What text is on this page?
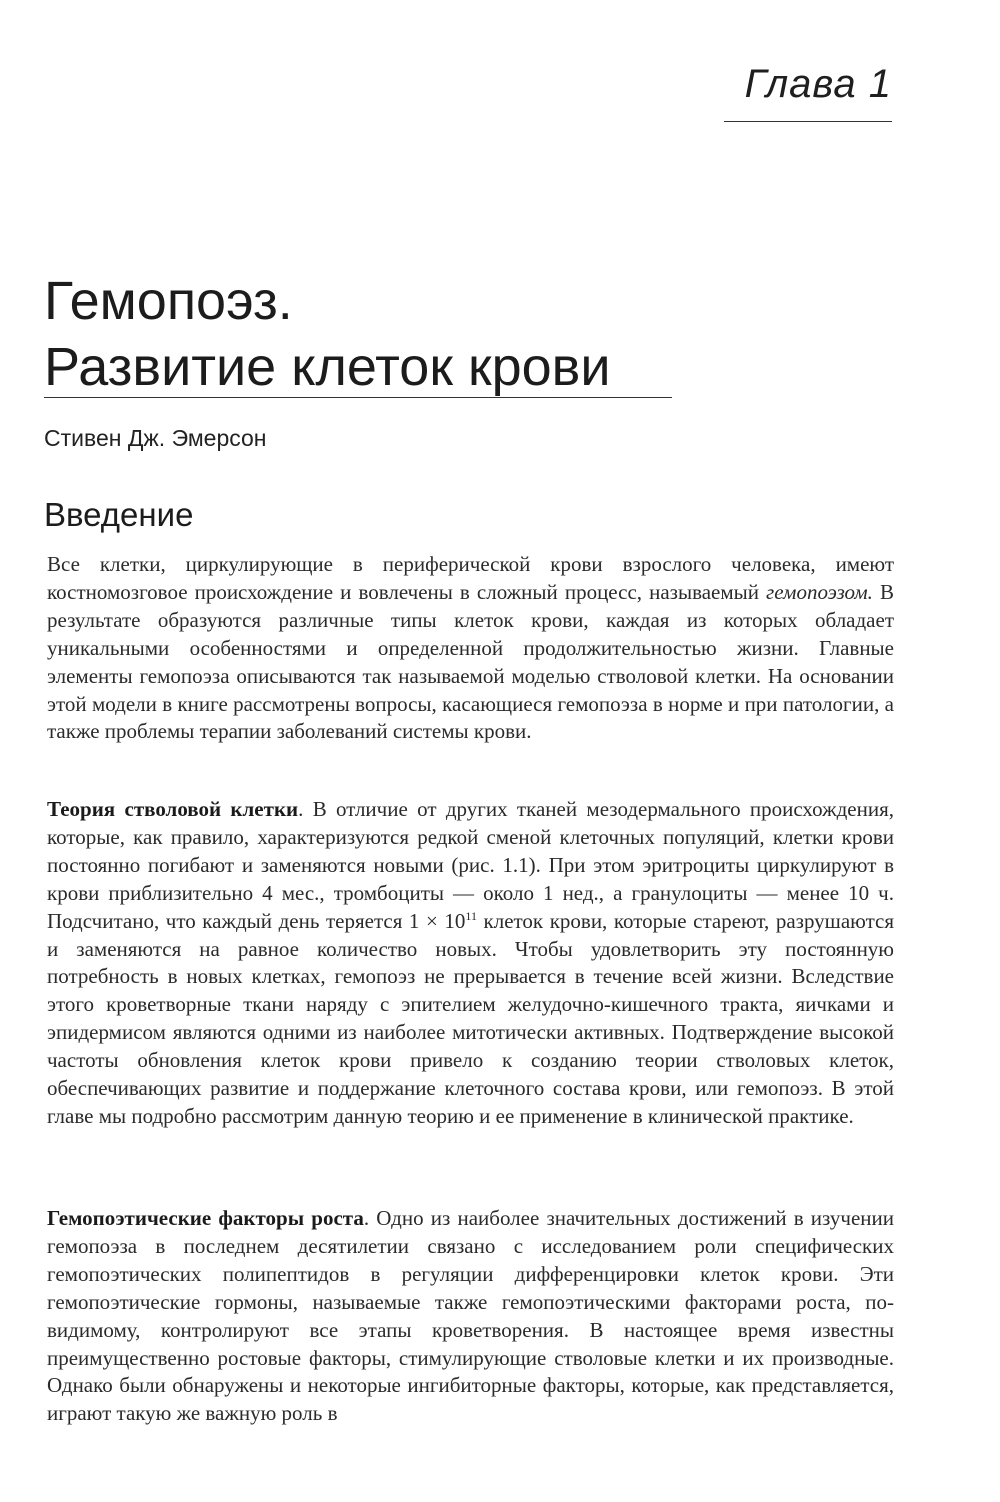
Глава 1
Гемопоэз.
Развитие клеток крови
Стивен Дж. Эмерсон
Введение

Все клетки, циркулирующие в периферической крови взрослого человека, имеют костномозговое происхождение и вовлечены в сложный процесс, называемый гемопоэзом. В результате образуются различные типы клеток крови, каждая из которых обладает уникальными особенностями и определенной продолжительностью жизни. Главные элементы гемопоэза описываются так называемой моделью стволовой клетки. На основании этой модели в книге рассмотрены вопросы, касающиеся гемопоэза в норме и при патологии, а также проблемы терапии заболеваний системы крови.

Теория стволовой клетки. В отличие от других тканей мезодермального происхождения, которые, как правило, характеризуются редкой сменой клеточных популяций, клетки крови постоянно погибают и заменяются новыми (рис. 1.1). При этом эритроциты циркулируют в крови приблизительно 4 мес., тромбоциты — около 1 нед., а гранулоциты — менее 10 ч. Подсчитано, что каждый день теряется $1 \times 10^{11}$ клеток крови, которые стареют, разрушаются и заменяются на равное количество новых. Чтобы удовлетворить эту постоянную потребность в новых клетках, гемопоэз не прерывается в течение всей жизни. Вследствие этого кроветворные ткани наряду с эпителием желудочно-кишечного тракта, яичками и эпидермисом являются одними из наиболее митотически активных. Подтверждение высокой частоты обновления клеток крови привело к созданию теории стволовых клеток, обеспечивающих развитие и поддержание клеточного состава крови, или гемопоэз. В этой главе мы подробно рассмотрим данную теорию и ее применение в клинической практике.

Гемопоэтические факторы роста. Одно из наиболее значительных достижений в изучении гемопоэза в последнем десятилетии связано с исследованием роли специфических гемопоэтических полипептидов в регуляции дифференцировки клеток крови. Эти гемопоэтические гормоны, называемые также гемопоэтическими факторами роста, по-видимому, контролируют все этапы кроветворения. В настоящее время известны преимущественно ростовые факторы, стимулирующие стволовые клетки и их производные. Однако были обнаружены и некоторые ингибиторные факторы, которые, как представляется, играют такую же важную роль в
